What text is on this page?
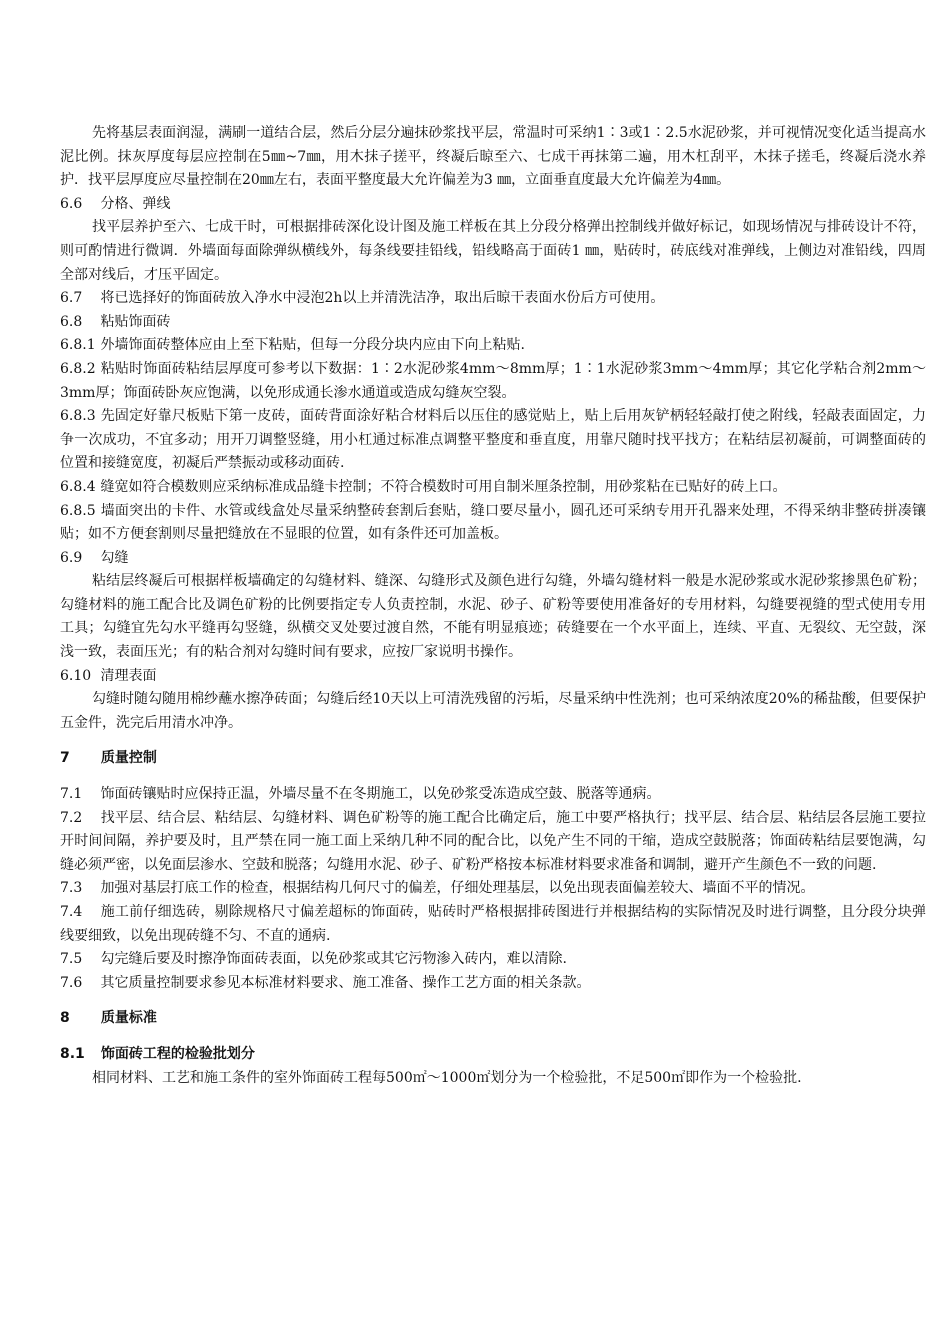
先将基层表面润湿，满刷一道结合层，然后分层分遍抹砂浆找平层，常温时可采纳1∶3或1∶2.5水泥砂浆，并可视情况变化适当提高水泥比例。抹灰厚度每层应控制在5㎜~7㎜，用木抹子搓平，终凝后晾至六、七成干再抹第二遍，用木杠刮平，木抹子搓毛，终凝后浇水养护．找平层厚度应尽量控制在20㎜左右，表面平整度最大允许偏差为3 ㎜，立面垂直度最大允许偏差为4㎜。

6.6 分格、弹线

找平层养护至六、七成干时，可根据排砖深化设计图及施工样板在其上分段分格弹出控制线并做好标记，如现场情况与排砖设计不符，则可酌情进行微调．外墙面每面除弹纵横线外，每条线要挂铅线，铅线略高于面砖1 ㎜，贴砖时，砖底线对准弹线，上侧边对准铅线，四周全部对线后，才压平固定。

6.7 将已选择好的饰面砖放入净水中浸泡2h以上并清洗洁净，取出后晾干表面水份后方可使用。

6.8 粘贴饰面砖

6.8.1 外墙饰面砖整体应由上至下粘贴，但每一分段分块内应由下向上粘贴.

6.8.2 粘贴时饰面砖粘结层厚度可参考以下数据：1∶2水泥砂浆4mm～8mm厚；1∶1水泥砂浆3mm～4mm厚；其它化学粘合剂2mm～3mm厚；饰面砖卧灰应饱满，以免形成通长渗水通道或造成勾缝灰空裂。

6.8.3 先固定好靠尺板贴下第一皮砖，面砖背面涂好粘合材料后以压住的感觉贴上，贴上后用灰铲柄轻轻敲打使之附线，轻敲表面固定，力争一次成功，不宜多动；用开刀调整竖缝，用小杠通过标准点调整平整度和垂直度，用靠尺随时找平找方；在粘结层初凝前，可调整面砖的位置和接缝宽度，初凝后严禁振动或移动面砖.

6.8.4 缝宽如符合模数则应采纳标准成品缝卡控制；不符合模数时可用自制米厘条控制，用砂浆粘在已贴好的砖上口。

6.8.5 墙面突出的卡件、水管或线盒处尽量采纳整砖套割后套贴，缝口要尽量小，圆孔还可采纳专用开孔器来处理，不得采纳非整砖拼凑镶贴；如不方便套割则尽量把缝放在不显眼的位置，如有条件还可加盖板。

6.9 勾缝

粘结层终凝后可根据样板墙确定的勾缝材料、缝深、勾缝形式及颜色进行勾缝，外墙勾缝材料一般是水泥砂浆或水泥砂浆掺黑色矿粉；勾缝材料的施工配合比及调色矿粉的比例要指定专人负责控制，水泥、砂子、矿粉等要使用准备好的专用材料，勾缝要视缝的型式使用专用工具；勾缝宜先勾水平缝再勾竖缝，纵横交叉处要过渡自然，不能有明显痕迹；砖缝要在一个水平面上，连续、平直、无裂纹、无空鼓，深浅一致，表面压光；有的粘合剂对勾缝时间有要求，应按厂家说明书操作。

6.10 清理表面

勾缝时随勾随用棉纱蘸水擦净砖面；勾缝后经10天以上可清洗残留的污垢，尽量采纳中性洗剂；也可采纳浓度20%的稀盐酸，但要保护五金件，洗完后用清水冲净。

7 质量控制

7.1 饰面砖镶贴时应保持正温，外墙尽量不在冬期施工，以免砂浆受冻造成空鼓、脱落等通病。

7.2 找平层、结合层、粘结层、勾缝材料、调色矿粉等的施工配合比确定后，施工中要严格执行；找平层、结合层、粘结层各层施工要拉开时间间隔，养护要及时，且严禁在同一施工面上采纳几种不同的配合比，以免产生不同的干缩，造成空鼓脱落；饰面砖粘结层要饱满，勾缝必须严密，以免面层渗水、空鼓和脱落；勾缝用水泥、砂子、矿粉严格按本标准材料要求准备和调制，避开产生颜色不一致的问题.

7.3 加强对基层打底工作的检查，根据结构几何尺寸的偏差，仔细处理基层，以免出现表面偏差较大、墙面不平的情况。

7.4 施工前仔细选砖，剔除规格尺寸偏差超标的饰面砖，贴砖时严格根据排砖图进行并根据结构的实际情况及时进行调整，且分段分块弹线要细致，以免出现砖缝不匀、不直的通病.

7.5 勾完缝后要及时擦净饰面砖表面，以免砂浆或其它污物渗入砖内，难以清除.

7.6 其它质量控制要求参见本标准材料要求、施工准备、操作工艺方面的相关条款。

8 质量标准

8.1 饰面砖工程的检验批划分

相同材料、工艺和施工条件的室外饰面砖工程每500㎡～1000㎡划分为一个检验批，不足500㎡即作为一个检验批.
